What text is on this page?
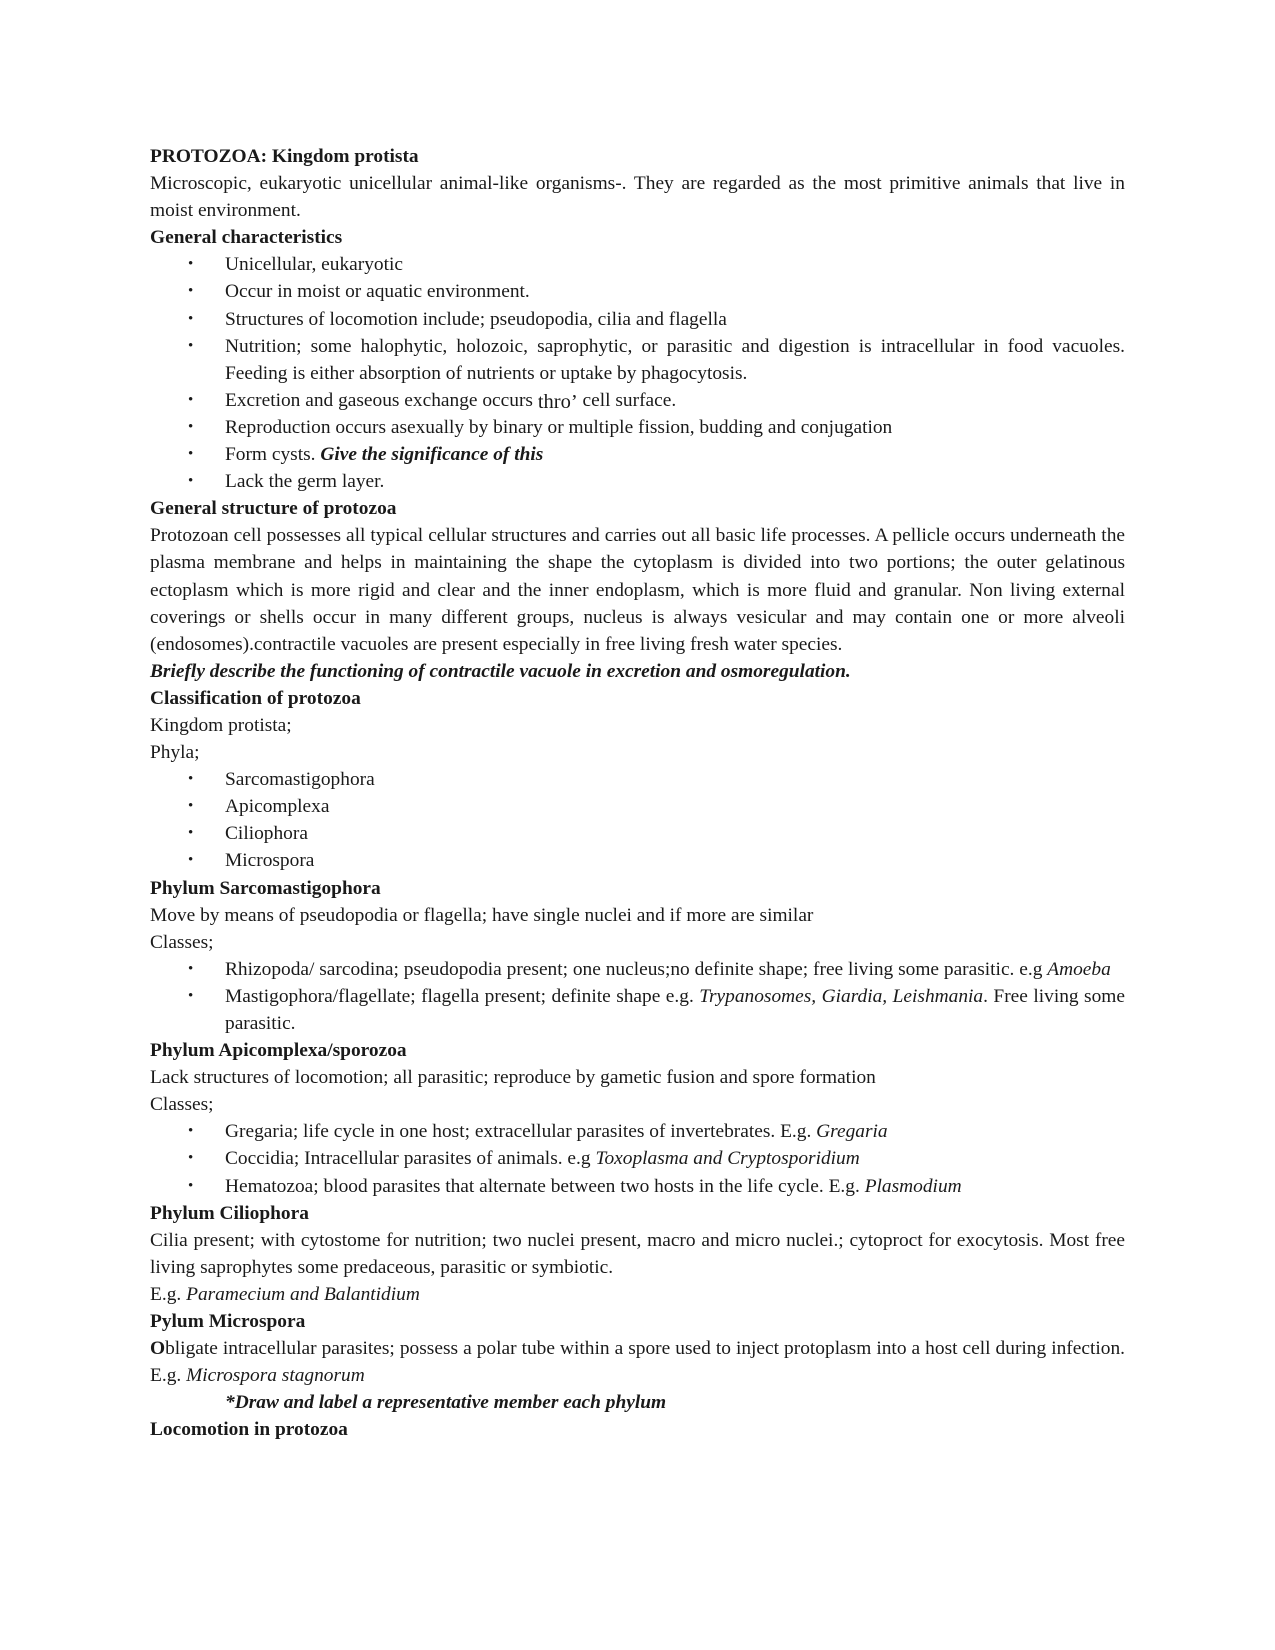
PROTOZOA: Kingdom protista

Microscopic, eukaryotic unicellular animal-like organisms-. They are regarded as the most primitive animals that live in moist environment.

General characteristics

• Unicellular, eukaryotic
• Occur in moist or aquatic environment.
• Structures of locomotion include; pseudopodia, cilia and flagella
• Nutrition; some halophytic, holozoic, saprophytic, or parasitic and digestion is intracellular in food vacuoles. Feeding is either absorption of nutrients or uptake by phagocytosis.
• Excretion and gaseous exchange occurs thro’ cell surface.
• Reproduction occurs asexually by binary or multiple fission, budding and conjugation
• Form cysts. Give the significance of this
• Lack the germ layer.

General structure of protozoa

Protozoan cell possesses all typical cellular structures and carries out all basic life processes. A pellicle occurs underneath the plasma membrane and helps in maintaining the shape the cytoplasm is divided into two portions; the outer gelatinous ectoplasm which is more rigid and clear and the inner endoplasm, which is more fluid and granular. Non living external coverings or shells occur in many different groups, nucleus is always vesicular and may contain one or more alveoli (endosomes).contractile vacuoles are present especially in free living fresh water species.

Briefly describe the functioning of contractile vacuole in excretion and osmoregulation.

Classification of protozoa

Kingdom protista;

Phyla;

• Sarcomastigophora
• Apicomplexa
• Ciliophora
• Microspora

Phylum Sarcomastigophora

Move by means of pseudopodia or flagella; have single nuclei and if more are similar

Classes;

• Rhizopoda/ sarcodina; pseudopodia present; one nucleus;no definite shape; free living some parasitic. e.g Amoeba
• Mastigophora/flagellate; flagella present; definite shape e.g. Trypanosomes, Giardia, Leishmania. Free living some parasitic.

Phylum Apicomplexa/sporozoa

Lack structures of locomotion; all parasitic; reproduce by gametic fusion and spore formation

Classes;

• Gregaria; life cycle in one host; extracellular parasites of invertebrates. E.g. Gregaria
• Coccidia; Intracellular parasites of animals. e.g Toxoplasma and Cryptosporidium
• Hematozoa; blood parasites that alternate between two hosts in the life cycle. E.g. Plasmodium

Phylum Ciliophora

Cilia present; with cytostome for nutrition; two nuclei present, macro and micro nuclei.; cytoproct for exocytosis. Most free living saprophytes some predaceous, parasitic or symbiotic.

E.g. Paramecium and Balantidium

Pylum Microspora

Obligate intracellular parasites; possess a polar tube within a spore used to inject protoplasm into a host cell during infection. E.g. Microspora stagnorum

*Draw and label a representative member each phylum

Locomotion in protozoa
